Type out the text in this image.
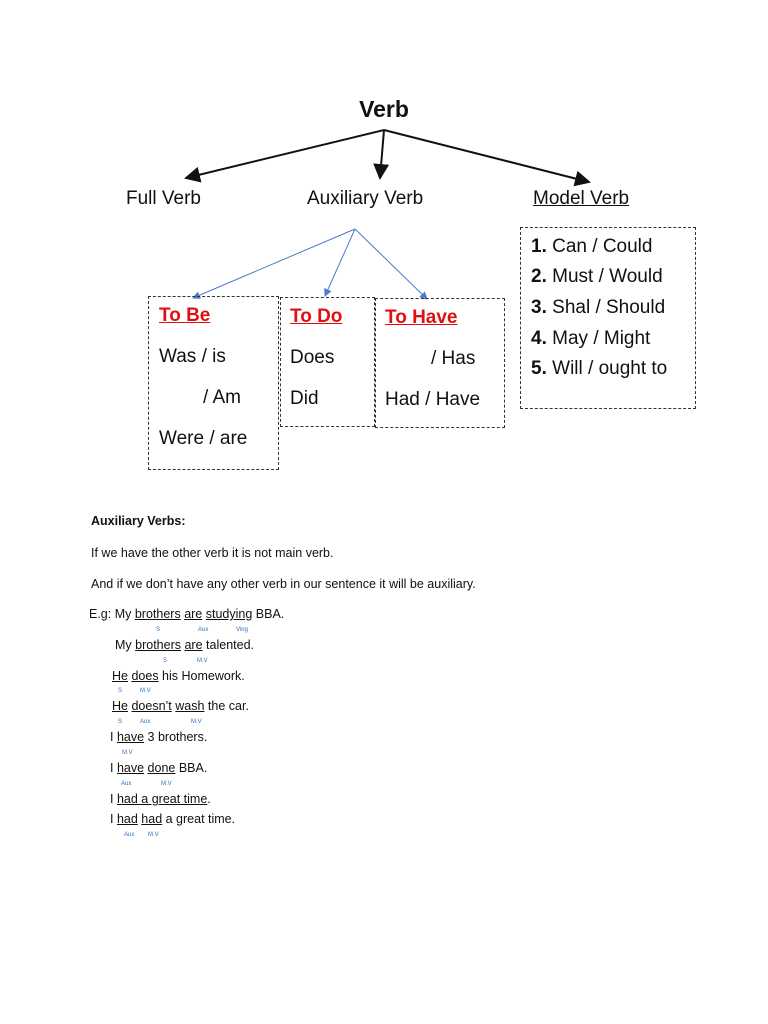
Verb
Full Verb	Auxiliary Verb	Model Verb
To Be
Was / is
/ Am
Were / are
To Do
Does
Did
To Have
/ Has
Had / Have
1. Can / Could
2. Must / Would
3. Shal / Should
4. May / Might
5. Will / ought to
Auxiliary Verbs:
If we have the other verb it is not main verb.
And if we don’t have any other verb in our sentence it will be auxiliary.
E.g: My brothers are studying BBA.
S	Aux	Ving
My brothers are talented.
S	M.V
He does his Homework.
S	M.V
He doesn’t wash the car.
S	Aux	M.V
I have 3 brothers.
M.V
I have done BBA.
Aux	M.V
I had a great time.
I had had a great time.
Aux M.V
